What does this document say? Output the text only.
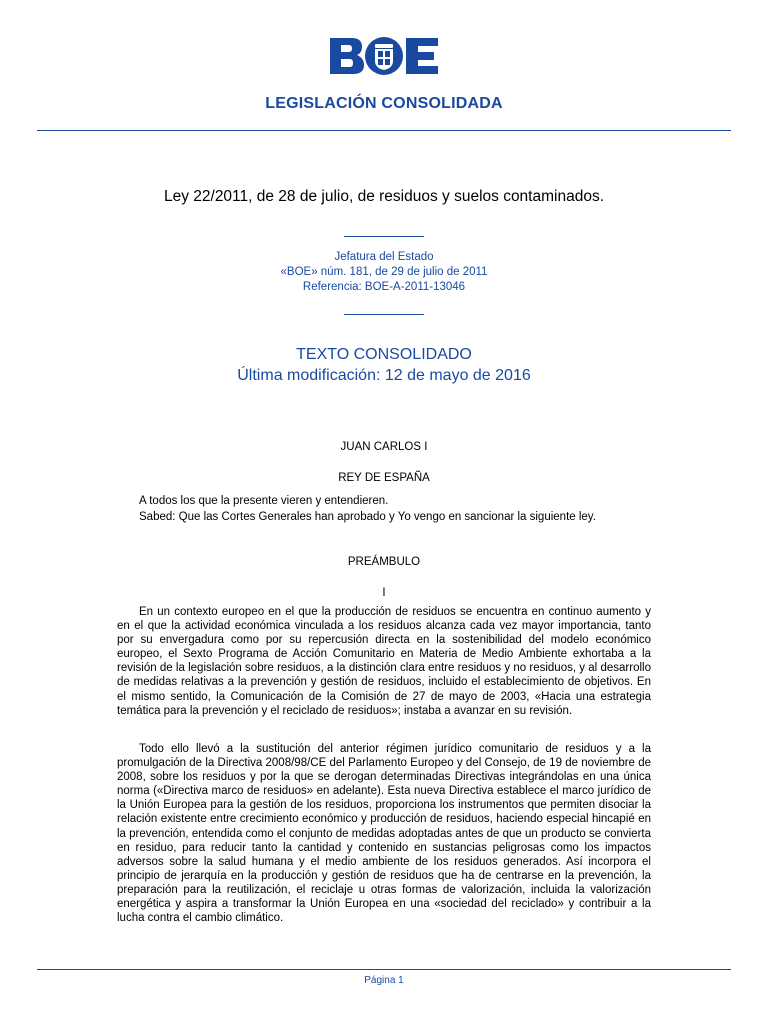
LEGISLACIÓN CONSOLIDADA
Ley 22/2011, de 28 de julio, de residuos y suelos contaminados.
Jefatura del Estado
«BOE» núm. 181, de 29 de julio de 2011
Referencia: BOE-A-2011-13046
TEXTO CONSOLIDADO
Última modificación: 12 de mayo de 2016
JUAN CARLOS I
REY DE ESPAÑA
A todos los que la presente vieren y entendieren.
Sabed: Que las Cortes Generales han aprobado y Yo vengo en sancionar la siguiente ley.
PREÁMBULO
I
En un contexto europeo en el que la producción de residuos se encuentra en continuo aumento y en el que la actividad económica vinculada a los residuos alcanza cada vez mayor importancia, tanto por su envergadura como por su repercusión directa en la sostenibilidad del modelo económico europeo, el Sexto Programa de Acción Comunitario en Materia de Medio Ambiente exhortaba a la revisión de la legislación sobre residuos, a la distinción clara entre residuos y no residuos, y al desarrollo de medidas relativas a la prevención y gestión de residuos, incluido el establecimiento de objetivos. En el mismo sentido, la Comunicación de la Comisión de 27 de mayo de 2003, «Hacia una estrategia temática para la prevención y el reciclado de residuos»; instaba a avanzar en su revisión.
Todo ello llevó a la sustitución del anterior régimen jurídico comunitario de residuos y a la promulgación de la Directiva 2008/98/CE del Parlamento Europeo y del Consejo, de 19 de noviembre de 2008, sobre los residuos y por la que se derogan determinadas Directivas integrándolas en una única norma («Directiva marco de residuos» en adelante). Esta nueva Directiva establece el marco jurídico de la Unión Europea para la gestión de los residuos, proporciona los instrumentos que permiten disociar la relación existente entre crecimiento económico y producción de residuos, haciendo especial hincapié en la prevención, entendida como el conjunto de medidas adoptadas antes de que un producto se convierta en residuo, para reducir tanto la cantidad y contenido en sustancias peligrosas como los impactos adversos sobre la salud humana y el medio ambiente de los residuos generados. Así incorpora el principio de jerarquía en la producción y gestión de residuos que ha de centrarse en la prevención, la preparación para la reutilización, el reciclaje u otras formas de valorización, incluida la valorización energética y aspira a transformar la Unión Europea en una «sociedad del reciclado» y contribuir a la lucha contra el cambio climático.
Página 1
